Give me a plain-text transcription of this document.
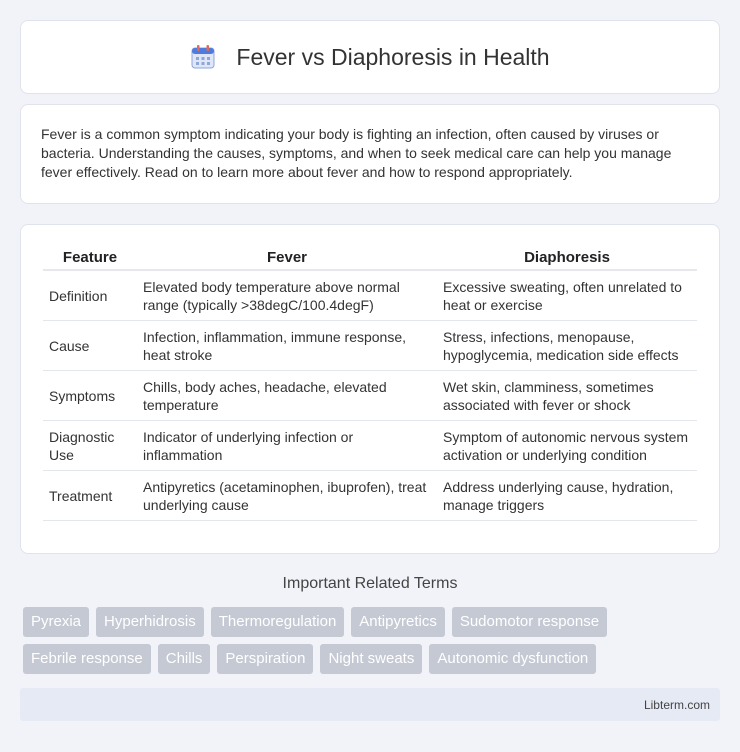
Fever vs Diaphoresis in Health

Fever is a common symptom indicating your body is fighting an infection, often caused by viruses or bacteria. Understanding the causes, symptoms, and when to seek medical care can help you manage fever effectively. Read on to learn more about fever and how to respond appropriately.

Feature	Fever	Diaphoresis
Definition	Elevated body temperature above normal range (typically >38degC/100.4degF)	Excessive sweating, often unrelated to heat or exercise
Cause	Infection, inflammation, immune response, heat stroke	Stress, infections, menopause, hypoglycemia, medication side effects
Symptoms	Chills, body aches, headache, elevated temperature	Wet skin, clamminess, sometimes associated with fever or shock
Diagnostic Use	Indicator of underlying infection or inflammation	Symptom of autonomic nervous system activation or underlying condition
Treatment	Antipyretics (acetaminophen, ibuprofen), treat underlying cause	Address underlying cause, hydration, manage triggers
Important Related Terms
Pyrexia	Hyperhidrosis	Thermoregulation	Antipyretics	Sudomotor response
Febrile response	Chills	Perspiration	Night sweats	Autonomic dysfunction
Libterm.com
